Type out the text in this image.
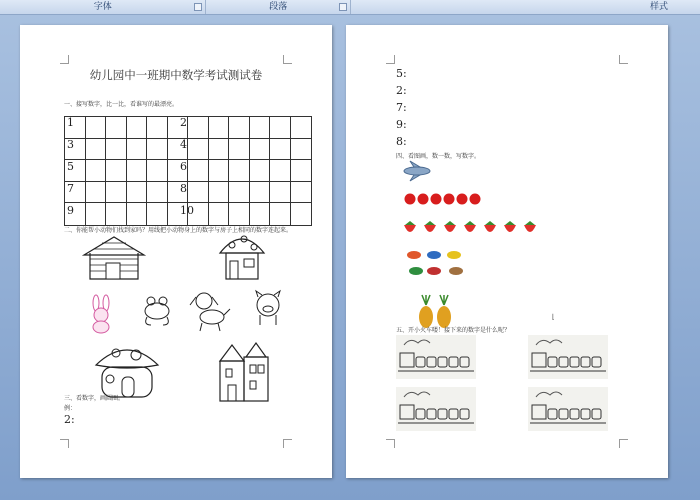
字体	段落	样式
幼儿园中一班期中数学考试测试卷
一、接写数字，比一比，看谁写的最漂亮。
1	2
3	4
5	6
7	8
9	10
二、你能帮小动物们找到家吗？用线把小动物身上的数字与房子上相同的数字连起来。
三、看数字，画圆圈。
例：
2:
5:
2:
7:
9:
8:
四、看图画，数一数，写数字。
五、开小火车喽！接下来的数字是什么呢？
⌊
